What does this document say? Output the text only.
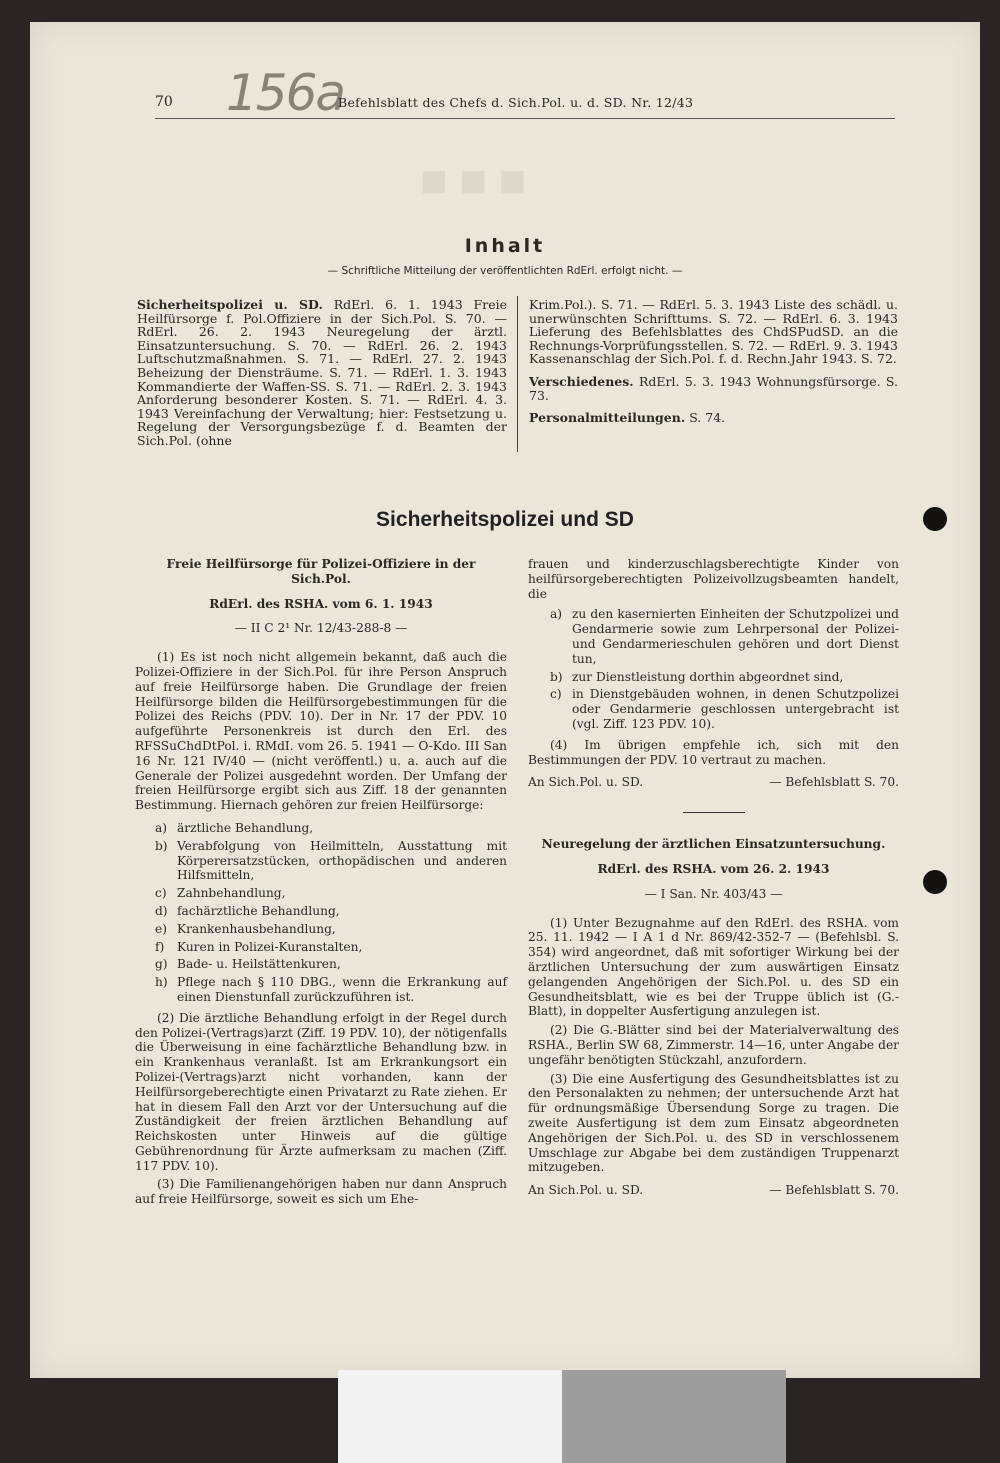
■ ■ ■
156a
70	Befehlsblatt des Chefs d. Sich.Pol. u. d. SD. Nr. 12/43
Inhalt
— Schriftliche Mitteilung der veröffentlichten RdErl. erfolgt nicht. —

Sicherheitspolizei u. SD. RdErl. 6. 1. 1943 Freie Heilfürsorge f. Pol.Offiziere in der Sich.Pol. S. 70. — RdErl. 26. 2. 1943 Neuregelung der ärztl. Einsatzuntersuchung. S. 70. — RdErl. 26. 2. 1943 Luftschutzmaßnahmen. S. 71. — RdErl. 27. 2. 1943 Beheizung der Diensträume. S. 71. — RdErl. 1. 3. 1943 Kommandierte der Waffen-SS. S. 71. — RdErl. 2. 3. 1943 Anforderung besonderer Kosten. S. 71. — RdErl. 4. 3. 1943 Vereinfachung der Verwaltung; hier: Festsetzung u. Regelung der Versorgungsbezüge f. d. Beamten der Sich.Pol. (ohne

Krim.Pol.). S. 71. — RdErl. 5. 3. 1943 Liste des schädl. u. unerwünschten Schrifttums. S. 72. — RdErl. 6. 3. 1943 Lieferung des Befehlsblattes des ChdSPudSD. an die Rechnungs-Vorprüfungsstellen. S. 72. — RdErl. 9. 3. 1943 Kassenanschlag der Sich.Pol. f. d. Rechn.Jahr 1943. S. 72.

Verschiedenes. RdErl. 5. 3. 1943 Wohnungsfürsorge. S. 73.

Personalmitteilungen. S. 74.

Sicherheitspolizei und SD

Freie Heilfürsorge für Polizei-Offiziere in der Sich.Pol.

RdErl. des RSHA. vom 6. 1. 1943

— II C 2¹ Nr. 12/43-288-8 —

(1) Es ist noch nicht allgemein bekannt, daß auch die Polizei-Offiziere in der Sich.Pol. für ihre Person Anspruch auf freie Heilfürsorge haben. Die Grundlage der freien Heilfürsorge bilden die Heilfürsorgebestimmungen für die Polizei des Reichs (PDV. 10). Der in Nr. 17 der PDV. 10 aufgeführte Personenkreis ist durch den Erl. des RFSSuChdDtPol. i. RMdI. vom 26. 5. 1941 — O-Kdo. III San 16 Nr. 121 IV/40 — (nicht veröffentl.) u. a. auch auf die Generale der Polizei ausgedehnt worden. Der Umfang der freien Heilfürsorge ergibt sich aus Ziff. 18 der genannten Bestimmung. Hiernach gehören zur freien Heilfürsorge:

a) ärztliche Behandlung,
b) Verabfolgung von Heilmitteln, Ausstattung mit Körperersatzstücken, orthopädischen und anderen Hilfsmitteln,
c) Zahnbehandlung,
d) fachärztliche Behandlung,
e) Krankenhausbehandlung,
f)	Kuren in Polizei-Kuranstalten,
g) Bade- u. Heilstättenkuren,
h) Pflege nach § 110 DBG., wenn die Erkrankung auf einen Dienstunfall zurückzuführen ist.

(2) Die ärztliche Behandlung erfolgt in der Regel durch den Polizei-(Vertrags)arzt (Ziff. 19 PDV. 10), der nötigenfalls die Überweisung in eine fachärztliche Behandlung bzw. in ein Krankenhaus veranlaßt. Ist am Erkrankungsort ein Polizei-(Vertrags)arzt nicht vorhanden, kann der Heilfürsorgeberechtigte einen Privatarzt zu Rate ziehen. Er hat in diesem Fall den Arzt vor der Untersuchung auf die Zuständigkeit der freien ärztlichen Behandlung auf Reichskosten unter Hinweis auf die gültige Gebührenordnung für Ärzte aufmerksam zu machen (Ziff. 117 PDV. 10).

(3) Die Familienangehörigen haben nur dann Anspruch auf freie Heilfürsorge, soweit es sich um Ehe-

frauen und kinderzuschlagsberechtigte Kinder von heilfürsorgeberechtigten Polizeivollzugsbeamten handelt, die

a) zu den kasernierten Einheiten der Schutzpolizei und Gendarmerie sowie zum Lehrpersonal der Polizei- und Gendarmerieschulen gehören und dort Dienst tun,
b) zur Dienstleistung dorthin abgeordnet sind,
c) in Dienstgebäuden wohnen, in denen Schutzpolizei oder Gendarmerie geschlossen untergebracht ist (vgl. Ziff. 123 PDV. 10).

(4) Im übrigen empfehle ich, sich mit den Bestimmungen der PDV. 10 vertraut zu machen.

An Sich.Pol. u. SD.	— Befehlsblatt S. 70.

Neuregelung der ärztlichen Einsatzuntersuchung.

RdErl. des RSHA. vom 26. 2. 1943

— I San. Nr. 403/43 —

(1) Unter Bezugnahme auf den RdErl. des RSHA. vom 25. 11. 1942 — I A 1 d Nr. 869/42-352-7 — (Befehlsbl. S. 354) wird angeordnet, daß mit sofortiger Wirkung bei der ärztlichen Untersuchung der zum auswärtigen Einsatz gelangenden Angehörigen der Sich.Pol. u. des SD ein Gesundheitsblatt, wie es bei der Truppe üblich ist (G.-Blatt), in doppelter Ausfertigung anzulegen ist.

(2) Die G.-Blätter sind bei der Materialverwaltung des RSHA., Berlin SW 68, Zimmerstr. 14—16, unter Angabe der ungefähr benötigten Stückzahl, anzufordern.

(3) Die eine Ausfertigung des Gesundheitsblattes ist zu den Personalakten zu nehmen; der untersuchende Arzt hat für ordnungsmäßige Übersendung Sorge zu tragen. Die zweite Ausfertigung ist dem zum Einsatz abgeordneten Angehörigen der Sich.Pol. u. des SD in verschlossenem Umschlage zur Abgabe bei dem zuständigen Truppenarzt mitzugeben.

An Sich.Pol. u. SD.	— Befehlsblatt S. 70.
